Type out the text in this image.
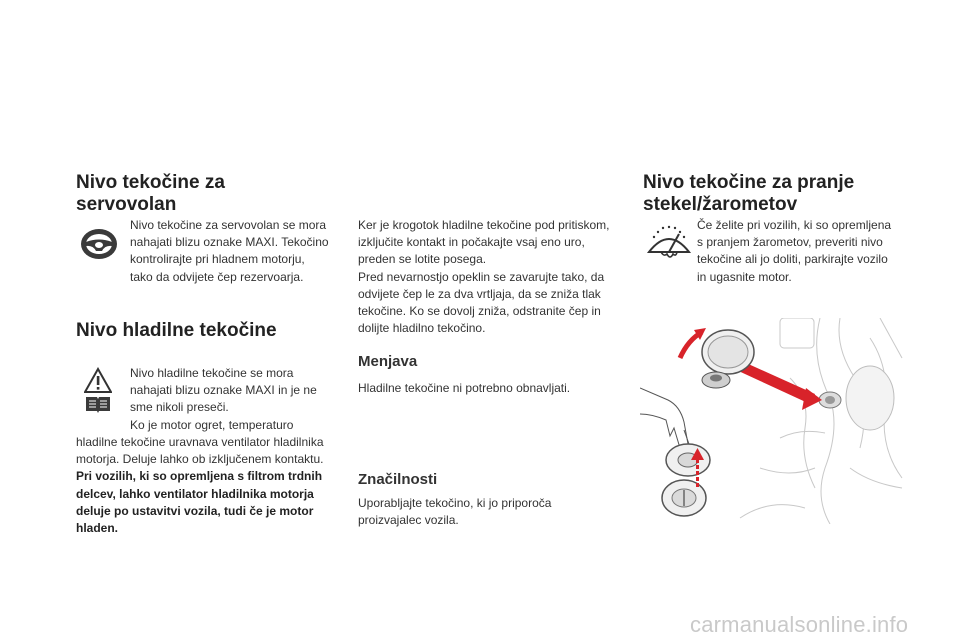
Nivo tekočine za
servovolan

Nivo tekočine za servovolan se mora

nahajati blizu oznake MAXI. Tekočino

kontrolirajte pri hladnem motorju,

tako da odvijete čep rezervoarja.

Nivo hladilne tekočine

Nivo hladilne tekočine se mora

nahajati blizu oznake MAXI in je ne

sme nikoli preseči.

Ko je motor ogret, temperaturo

hladilne tekočine uravnava ventilator hladilnika

motorja. Deluje lahko ob izključenem kontaktu.

Pri vozilih, ki so opremljena s filtrom trdnih

delcev, lahko ventilator hladilnika motorja

deluje po ustavitvi vozila, tudi če je motor

hladen.

Ker je krogotok hladilne tekočine pod pritiskom,

izključite kontakt in počakajte vsaj eno uro,

preden se lotite posega.

Pred nevarnostjo opeklin se zavarujte tako, da

odvijete čep le za dva vrtljaja, da se zniža tlak

tekočine. Ko se dovolj zniža, odstranite čep in

dolijte hladilno tekočino.

Menjava

Hladilne tekočine ni potrebno obnavljati.

Značilnosti

Uporabljajte tekočino, ki jo priporoča

proizvajalec vozila.

Nivo tekočine za pranje
stekel/žarometov

Če želite pri vozilih, ki so opremljena

s pranjem žarometov, preveriti nivo

tekočine ali jo doliti, parkirajte vozilo

in ugasnite motor.

carmanualsonline.info
